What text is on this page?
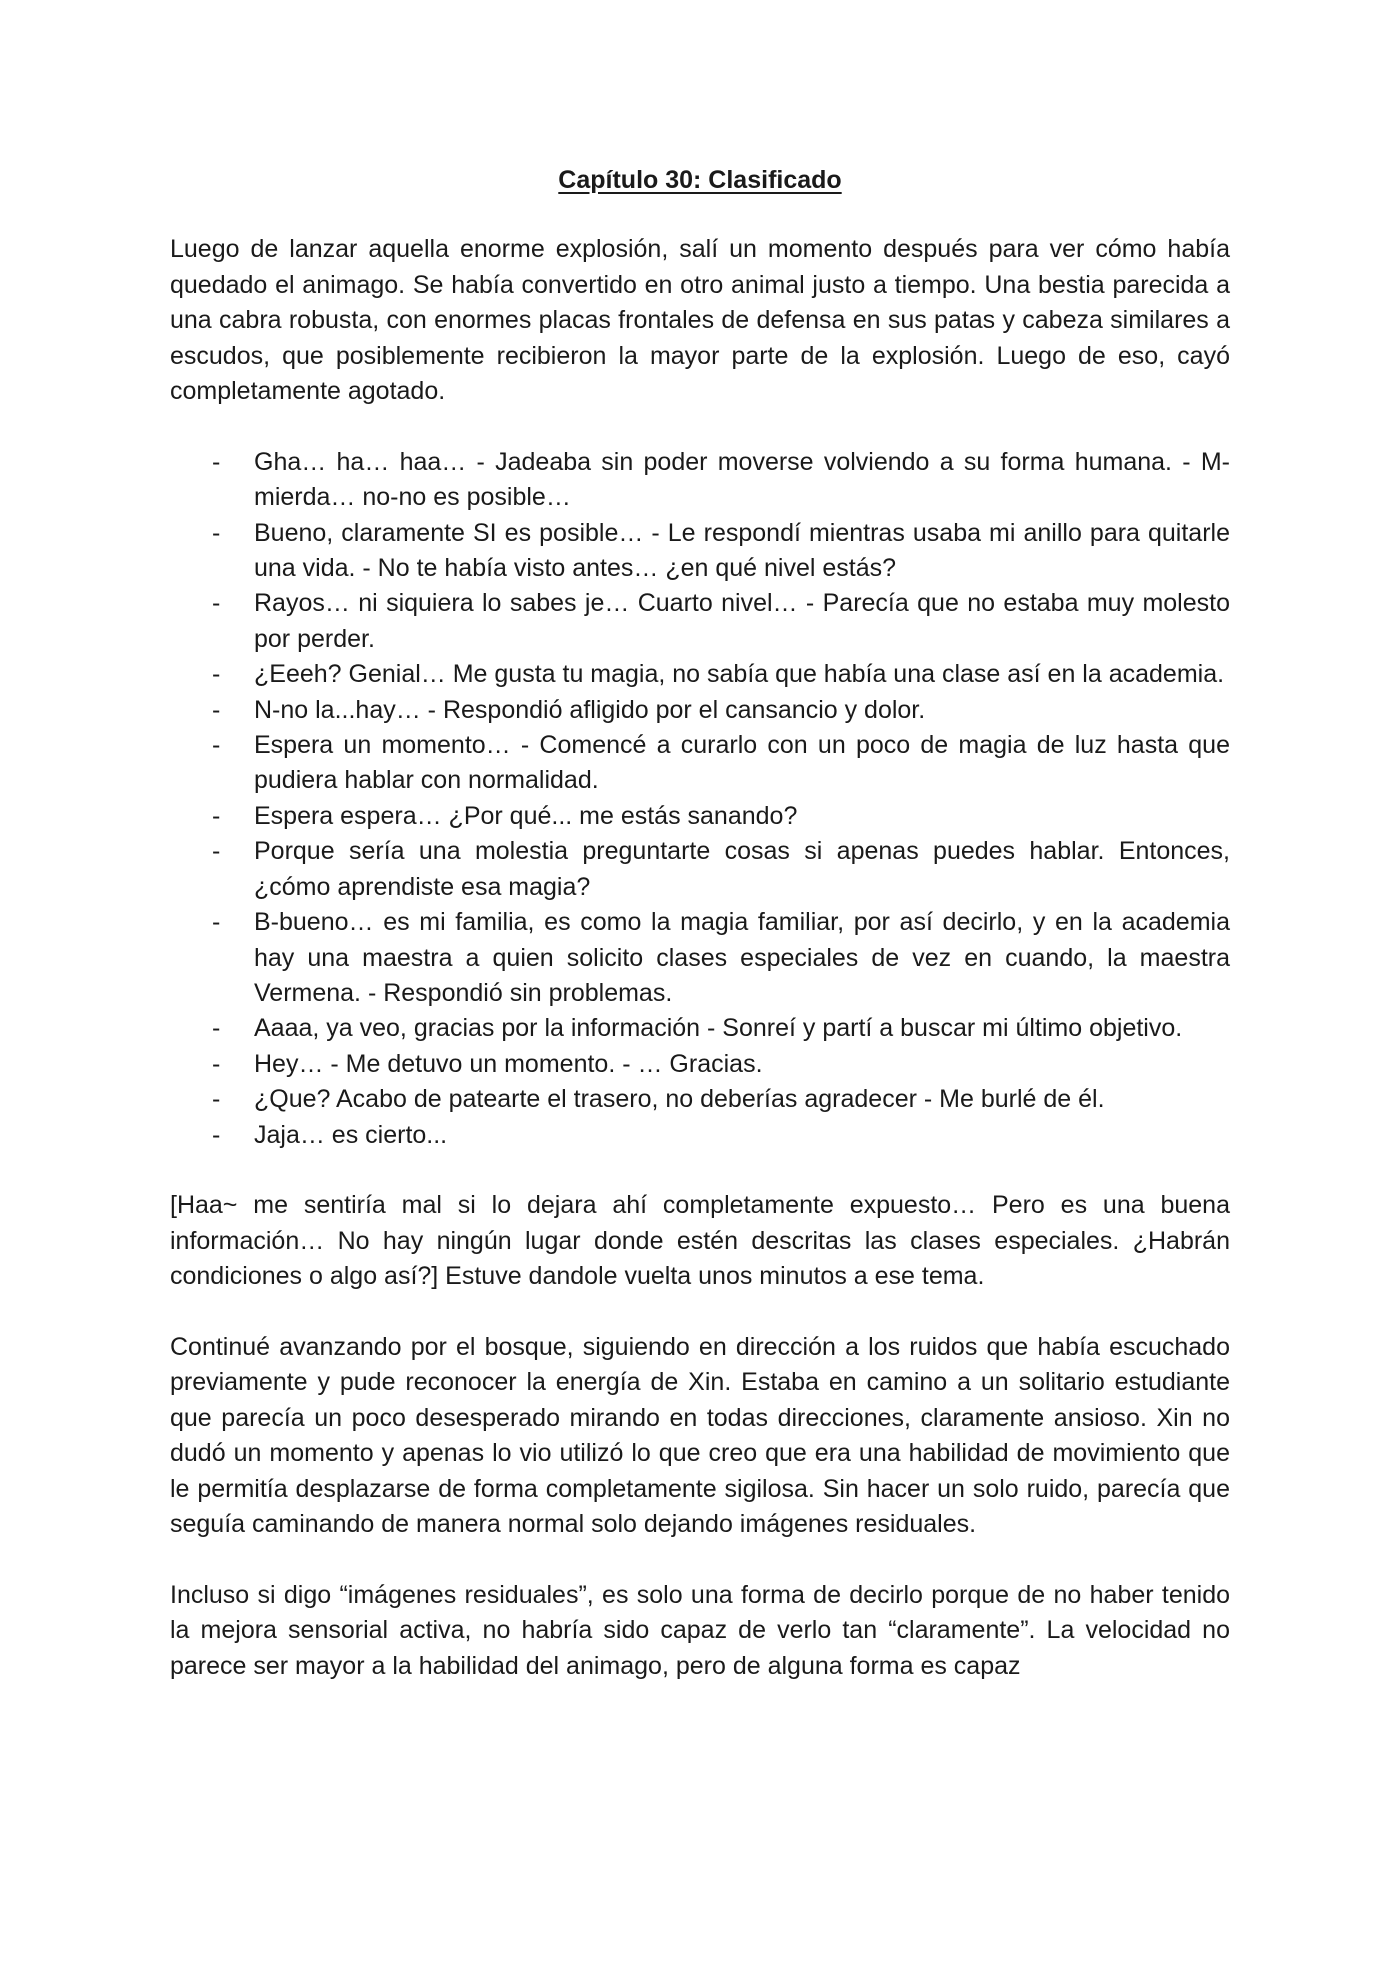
Capítulo 30: Clasificado

Luego de lanzar aquella enorme explosión, salí un momento después para ver cómo había quedado el animago. Se había convertido en otro animal justo a tiempo. Una bestia parecida a una cabra robusta, con enormes placas frontales de defensa en sus patas y cabeza similares a escudos, que posiblemente recibieron la mayor parte de la explosión. Luego de eso, cayó completamente agotado.

- Gha… ha… haa… - Jadeaba sin poder moverse volviendo a su forma humana. - M-mierda… no-no es posible…
- Bueno, claramente SI es posible… - Le respondí mientras usaba mi anillo para quitarle una vida. - No te había visto antes… ¿en qué nivel estás?
- Rayos… ni siquiera lo sabes je… Cuarto nivel… - Parecía que no estaba muy molesto por perder.
- ¿Eeeh? Genial… Me gusta tu magia, no sabía que había una clase así en la academia.
- N-no la...hay… - Respondió afligido por el cansancio y dolor.
- Espera un momento… - Comencé a curarlo con un poco de magia de luz hasta que pudiera hablar con normalidad.
- Espera espera… ¿Por qué... me estás sanando?
- Porque sería una molestia preguntarte cosas si apenas puedes hablar. Entonces, ¿cómo aprendiste esa magia?
- B-bueno… es mi familia, es como la magia familiar, por así decirlo, y en la academia hay una maestra a quien solicito clases especiales de vez en cuando, la maestra Vermena. - Respondió sin problemas.
- Aaaa, ya veo, gracias por la información - Sonreí y partí a buscar mi último objetivo.
- Hey… - Me detuvo un momento. - … Gracias.
- ¿Que? Acabo de patearte el trasero, no deberías agradecer - Me burlé de él.
- Jaja… es cierto...

[Haa~ me sentiría mal si lo dejara ahí completamente expuesto… Pero es una buena información… No hay ningún lugar donde estén descritas las clases especiales. ¿Habrán condiciones o algo así?] Estuve dandole vuelta unos minutos a ese tema.

Continué avanzando por el bosque, siguiendo en dirección a los ruidos que había escuchado previamente y pude reconocer la energía de Xin. Estaba en camino a un solitario estudiante que parecía un poco desesperado mirando en todas direcciones, claramente ansioso. Xin no dudó un momento y apenas lo vio utilizó lo que creo que era una habilidad de movimiento que le permitía desplazarse de forma completamente sigilosa. Sin hacer un solo ruido, parecía que seguía caminando de manera normal solo dejando imágenes residuales.

Incluso si digo “imágenes residuales”, es solo una forma de decirlo porque de no haber tenido la mejora sensorial activa, no habría sido capaz de verlo tan “claramente”. La velocidad no parece ser mayor a la habilidad del animago, pero de alguna forma es capaz
